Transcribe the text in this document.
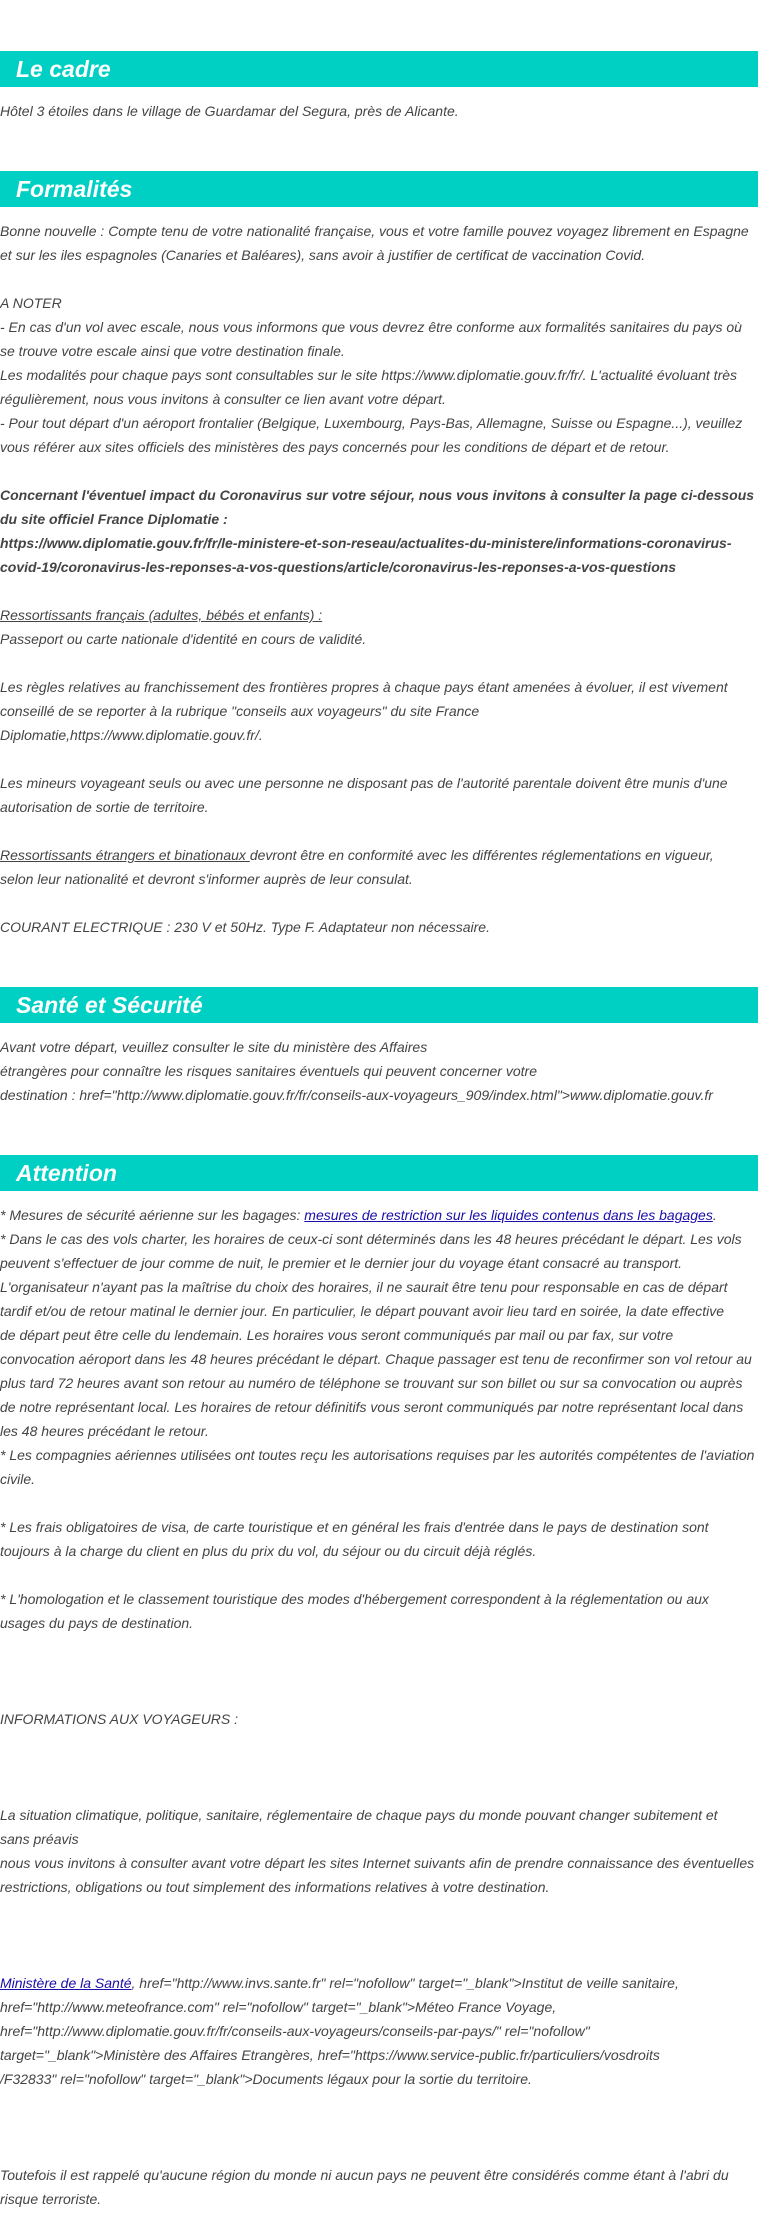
Le cadre

Hôtel 3 étoiles dans le village de Guardamar del Segura, près de Alicante.

Formalités

Bonne nouvelle : Compte tenu de votre nationalité française, vous et votre famille pouvez voyagez librement en Espagne

et sur les iles espagnoles (Canaries et Baléares), sans avoir à justifier de certificat de vaccination Covid.

A NOTER

- En cas d'un vol avec escale, nous vous informons que vous devrez être conforme aux formalités sanitaires du pays où

se trouve votre escale ainsi que votre destination finale.

Les modalités pour chaque pays sont consultables sur le site https://www.diplomatie.gouv.fr/fr/. L'actualité évoluant très

régulièrement, nous vous invitons à consulter ce lien avant votre départ.

- Pour tout départ d'un aéroport frontalier (Belgique, Luxembourg, Pays-Bas, Allemagne, Suisse ou Espagne...), veuillez

vous référer aux sites officiels des ministères des pays concernés pour les conditions de départ et de retour.

Concernant l'éventuel impact du Coronavirus sur votre séjour, nous vous invitons à consulter la page ci-dessous

du site officiel France Diplomatie :

https://www.diplomatie.gouv.fr/fr/le-ministere-et-son-reseau/actualites-du-ministere/informations-coronavirus-

covid-19/coronavirus-les-reponses-a-vos-questions/article/coronavirus-les-reponses-a-vos-questions

Ressortissants français (adultes, bébés et enfants) :

Passeport ou carte nationale d'identité en cours de validité.

Les règles relatives au franchissement des frontières propres à chaque pays étant amenées à évoluer, il est vivement

conseillé de se reporter à la rubrique "conseils aux voyageurs" du site France

Diplomatie,https://www.diplomatie.gouv.fr/.

Les mineurs voyageant seuls ou avec une personne ne disposant pas de l'autorité parentale doivent être munis d'une

autorisation de sortie de territoire.

Ressortissants étrangers et binationaux devront être en conformité avec les différentes réglementations en vigueur,

selon leur nationalité et devront s'informer auprès de leur consulat.

COURANT ELECTRIQUE : 230 V et 50Hz. Type F. Adaptateur non nécessaire.

Santé et Sécurité

Avant votre départ, veuillez consulter le site du ministère des Affaires

étrangères pour connaître les risques sanitaires éventuels qui peuvent concerner votre

destination : href="http://www.diplomatie.gouv.fr/fr/conseils-aux-voyageurs_909/index.html">www.diplomatie.gouv.fr

Attention

* Mesures de sécurité aérienne sur les bagages: mesures de restriction sur les liquides contenus dans les bagages.

* Dans le cas des vols charter, les horaires de ceux-ci sont déterminés dans les 48 heures précédant le départ. Les vols

peuvent s'effectuer de jour comme de nuit, le premier et le dernier jour du voyage étant consacré au transport.

L'organisateur n'ayant pas la maîtrise du choix des horaires, il ne saurait être tenu pour responsable en cas de départ

tardif et/ou de retour matinal le dernier jour. En particulier, le départ pouvant avoir lieu tard en soirée, la date effective

de départ peut être celle du lendemain. Les horaires vous seront communiqués par mail ou par fax, sur votre

convocation aéroport dans les 48 heures précédant le départ. Chaque passager est tenu de reconfirmer son vol retour au

plus tard 72 heures avant son retour au numéro de téléphone se trouvant sur son billet ou sur sa convocation ou auprès

de notre représentant local. Les horaires de retour définitifs vous seront communiqués par notre représentant local dans

les 48 heures précédant le retour.

* Les compagnies aériennes utilisées ont toutes reçu les autorisations requises par les autorités compétentes de l'aviation

civile.

* Les frais obligatoires de visa, de carte touristique et en général les frais d'entrée dans le pays de destination sont

toujours à la charge du client en plus du prix du vol, du séjour ou du circuit déjà réglés.

* L'homologation et le classement touristique des modes d'hébergement correspondent à la réglementation ou aux

usages du pays de destination.

INFORMATIONS AUX VOYAGEURS :

La situation climatique, politique, sanitaire, réglementaire de chaque pays du monde pouvant changer subitement et

sans préavis

nous vous invitons à consulter avant votre départ les sites Internet suivants afin de prendre connaissance des éventuelles

restrictions, obligations ou tout simplement des informations relatives à votre destination.

Ministère de la Santé, href="http://www.invs.sante.fr" rel="nofollow" target="_blank">Institut de veille sanitaire,

href="http://www.meteofrance.com" rel="nofollow" target="_blank">Méteo France Voyage,

href="http://www.diplomatie.gouv.fr/fr/conseils-aux-voyageurs/conseils-par-pays/" rel="nofollow"

target="_blank">Ministère des Affaires Etrangères, href="https://www.service-public.fr/particuliers/vosdroits

/F32833" rel="nofollow" target="_blank">Documents légaux pour la sortie du territoire.

Toutefois il est rappelé qu'aucune région du monde ni aucun pays ne peuvent être considérés comme étant à l'abri du

risque terroriste.
